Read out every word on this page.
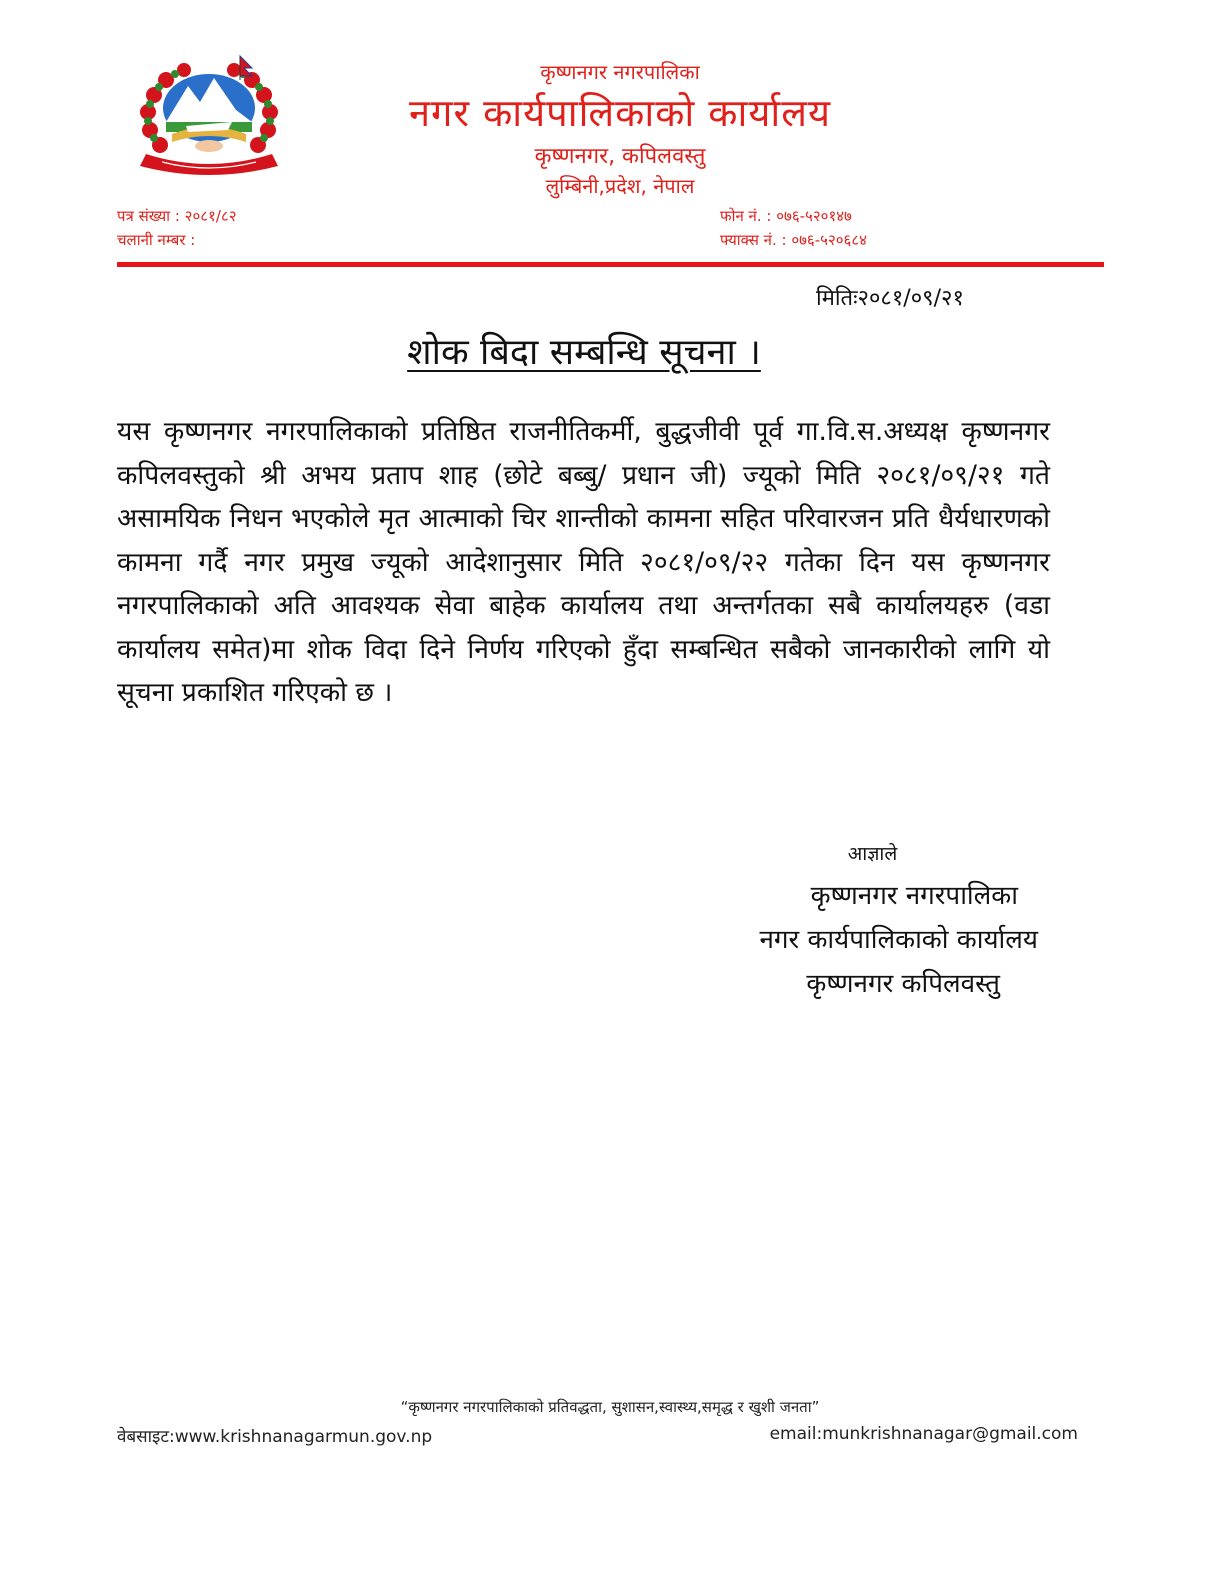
कृष्णनगर नगरपालिका
नगर कार्यपालिकाको कार्यालय
कृष्णनगर, कपिलवस्तु
लुम्बिनी,प्रदेश, नेपाल
पत्र संख्या : २०८१/८२
चलानी नम्बर :
फोन नं. : ०७६-५२०१४७
फ्याक्स नं. : ०७६-५२०६८४
मितिः२०८१/०९/२१
शोक बिदा सम्बन्धि सूचना ।
यस कृष्णनगर नगरपालिकाको प्रतिष्ठित राजनीतिकर्मी, बुद्धजीवी पूर्व गा.वि.स.अध्यक्ष कृष्णनगर कपिलवस्तुको श्री अभय प्रताप शाह (छोटे बब्बु/ प्रधान जी) ज्यूको मिति २०८१/०९/२१ गते असामयिक निधन भएकोले मृत आत्माको चिर शान्तीको कामना सहित परिवारजन प्रति धैर्यधारणको कामना गर्दै नगर प्रमुख ज्यूको आदेशानुसार मिति २०८१/०९/२२ गतेका दिन यस कृष्णनगर नगरपालिकाको अति आवश्यक सेवा बाहेक कार्यालय तथा अन्तर्गतका सबै कार्यालयहरु (वडा कार्यालय समेत)मा शोक विदा दिने निर्णय गरिएको हुँदा सम्बन्धित सबैको जानकारीको लागि यो सूचना प्रकाशित गरिएको छ ।
आज्ञाले
कृष्णनगर नगरपालिका
नगर कार्यपालिकाको कार्यालय
कृष्णनगर कपिलवस्तु
“कृष्णनगर नगरपालिकाको प्रतिवद्धता, सुशासन,स्वास्थ्य,समृद्ध र खुशी जनता”
वेबसाइट:www.krishnanagarmun.gov.np	email:munkrishnanagar@gmail.com
